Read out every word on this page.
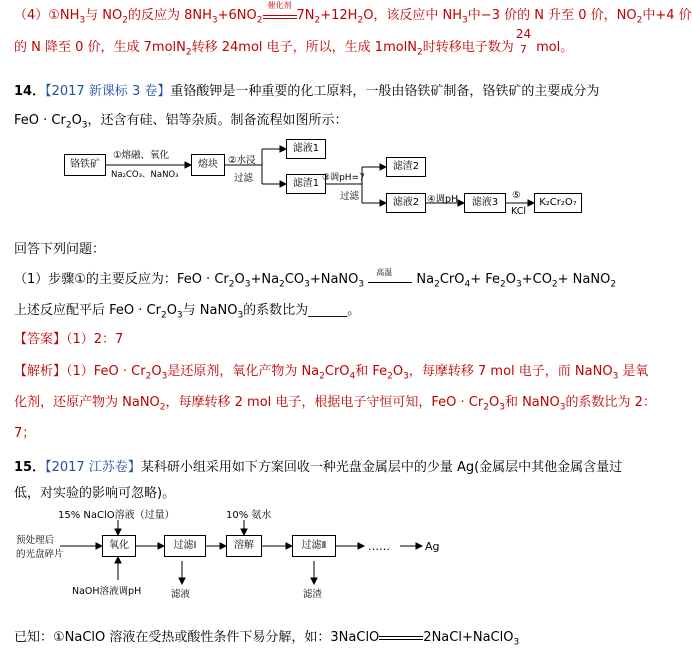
$(4)①NH_3$与 $NO_2$的反应为 $8NH_3+6NO_2$
催化剂
$7N_2+12H_2O$，该反应中 $NH_3$中−3 价的 N 升至 0 价，$NO_2$中+4 价
的 N 降至 0 价，生成 7molN$_2$转移 24mol 电子，所以，生成 1molN$_2$时转移电子数为
24
7 mol。
14．【2017 新课标 3 卷】重铬酸钾是一种重要的化工原料，一般由铬铁矿制备，铬铁矿的主要成分为
FeO · $Cr_2O_3$，还含有硅、铝等杂质。制备流程如图所示：
铬铁矿
①熔融、氧化
Na₂CO₃、NaNO₃
熔块	②水浸
过滤
滤液1
滤渣1 ③调pH=7
过滤
滤渣2
滤液2 ④调pH	滤液3
⑤
KCl
K₂Cr₂O₇
回答下列问题：
（1）步骤①的主要反应为：FeO · $Cr_2O_3+Na_2CO_3+NaNO_3$
高温 $Na_2CrO_4+ Fe_2O_3+CO_2+$ NaNO$_2$
上述反应配平后 FeO · $Cr_2O_3$与 NaNO$_3$的系数比为______。
【答案】（1）2：7
【解析】$(1)FeO \cdot Cr_2O_3$是还原剂，氧化产物为 $Na_2CrO_4$和 $Fe_2O_3$，每摩转移 7 mol 电子，而 NaNO$_3$ 是氧
化剂，还原产物为 NaNO$_2$，每摩转移 2 mol 电子，根据电子守恒可知，FeO · $Cr_2O_3$和 NaNO$_3$的系数比为 2：
7；
15．【2017 江苏卷】某科研小组采用如下方案回收一种光盘金属层中的少量 Ag(金属层中其他金属含量过
低，对实验的影响可忽略)。
15% NaClO溶液（过量）	10% 氨水
预处理后
的光盘碎片
氧化	过滤Ⅰ	溶解	过滤Ⅱ	……	Ag
NaOH溶液调pH	滤液	滤渣
已知：①NaClO 溶液在受热或酸性条件下易分解，如：3NaClO	2NaCl+NaClO$_3$
